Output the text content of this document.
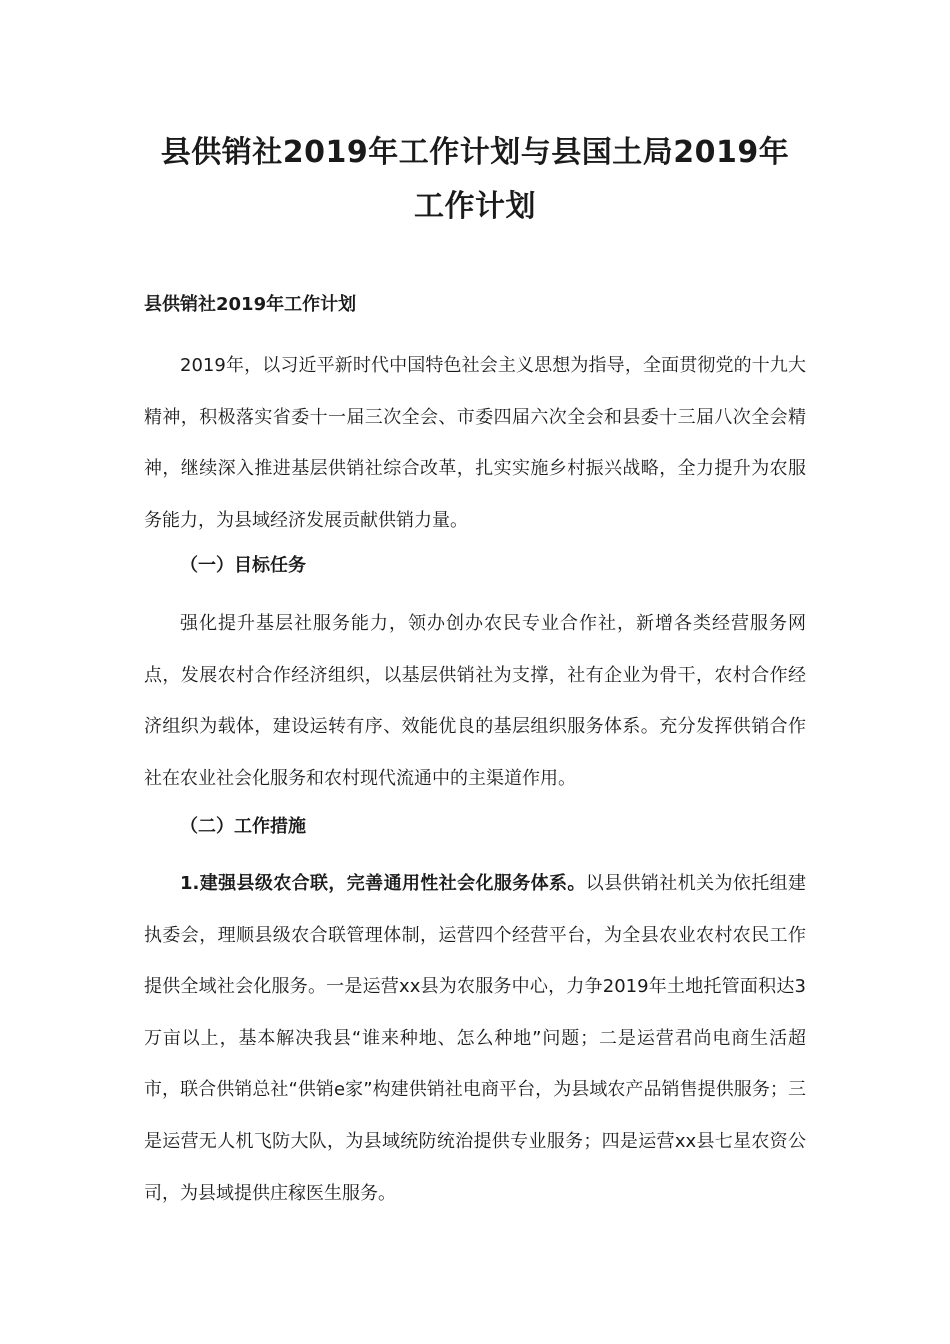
县供销社2019年工作计划与县国土局2019年
工作计划
县供销社2019年工作计划

2019年，以习近平新时代中国特色社会主义思想为指导，全面贯彻党的十九大精神，积极落实省委十一届三次全会、市委四届六次全会和县委十三届八次全会精神，继续深入推进基层供销社综合改革，扎实实施乡村振兴战略，全力提升为农服务能力，为县域经济发展贡献供销力量。

（一）目标任务

强化提升基层社服务能力，领办创办农民专业合作社，新增各类经营服务网点，发展农村合作经济组织，以基层供销社为支撑，社有企业为骨干，农村合作经济组织为载体，建设运转有序、效能优良的基层组织服务体系。充分发挥供销合作社在农业社会化服务和农村现代流通中的主渠道作用。

（二）工作措施

1.建强县级农合联，完善通用性社会化服务体系。以县供销社机关为依托组建执委会，理顺县级农合联管理体制，运营四个经营平台，为全县农业农村农民工作提供全域社会化服务。一是运营xx县为农服务中心，力争2019年土地托管面积达3万亩以上，基本解决我县“谁来种地、怎么种地”问题；二是运营君尚电商生活超市，联合供销总社“供销e家”构建供销社电商平台，为县域农产品销售提供服务；三是运营无人机飞防大队，为县域统防统治提供专业服务；四是运营xx县七星农资公司，为县域提供庄稼医生服务。
